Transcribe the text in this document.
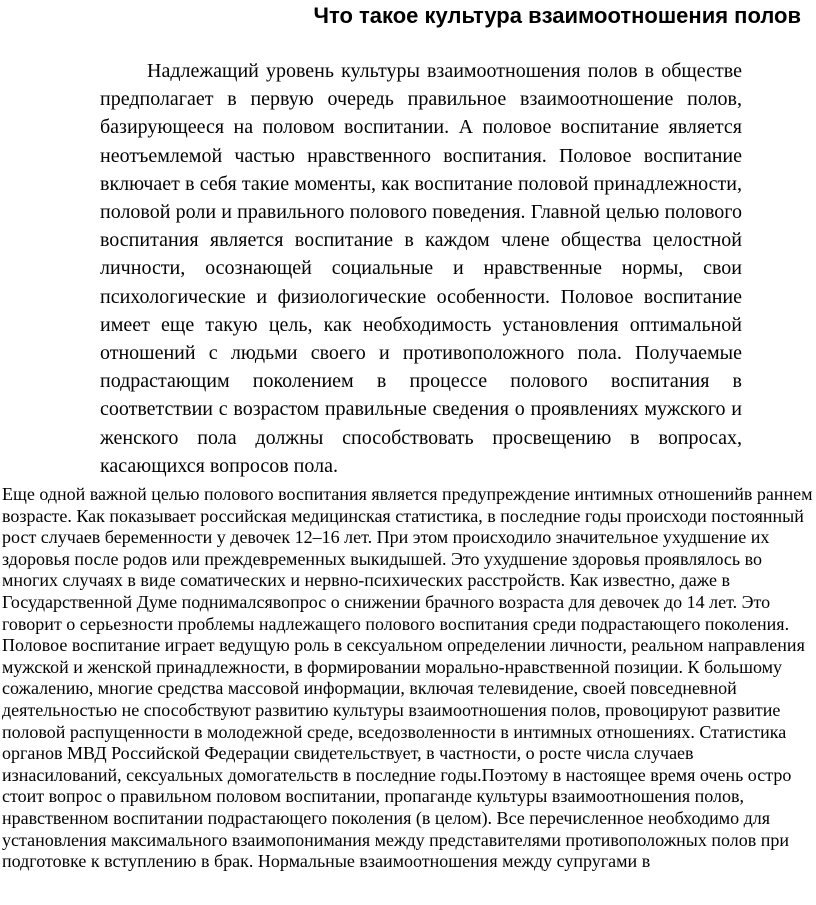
Что такое культура взаимоотношения полов

Надлежащий уровень культуры взаимоотношения полов в обществе предполагает в первую очередь правильное взаимоотношение полов, базирующееся на половом воспитании. А половое воспитание является неотъемлемой частью нравственного воспитания. Половое воспитание включает в себя такие моменты, как воспитание половой принадлежности, половой роли и правильного полового поведения. Главной целью полового воспитания является воспитание в каждом члене общества целостной личности, осознающей социальные и нравственные нормы, свои психологические и физиологические особенности. Половое воспитание имеет еще такую цель, как необходимость установления оптимальной отношений с людьми своего и противоположного пола. Получаемые подрастающим поколением в процессе полового воспитания в соответствии с возрастом правильные сведения о проявлениях мужского и женского пола должны способствовать просвещению в вопросах, касающихся вопросов пола.

Еще одной важной целью полового воспитания является предупреждение интимных отношенийв раннем возрасте. Как показывает российская медицинская статистика, в последние годы происходи постоянный рост случаев беременности у девочек 12–16 лет. При этом происходило значительное ухудшение их здоровья после родов или преждевременных выкидышей. Это ухудшение здоровья проявлялось во многих случаях в виде соматических и нервно-психических расстройств. Как известно, даже в Государственной Думе поднималсявопрос о снижении брачного возраста для девочек до 14 лет. Это говорит о серьезности проблемы надлежащего полового воспитания среди подрастающего поколения. Половое воспитание играет ведущую роль в сексуальном определении личности, реальном направления мужской и женской принадлежности, в формировании морально-нравственной позиции. К большому сожалению, многие средства массовой информации, включая телевидение, своей повседневной деятельностью не способствуют развитию культуры взаимоотношения полов, провоцируют развитие половой распущенности в молодежной среде, вседозволенности в интимных отношениях. Статистика органов МВД Российской Федерации свидетельствует, в частности, о росте числа случаев изнасилований, сексуальных домогательств в последние годы.Поэтому в настоящее время очень остро стоит вопрос о правильном половом воспитании, пропаганде культуры взаимоотношения полов, нравственном воспитании подрастающего поколения (в целом). Все перечисленное необходимо для установления максимального взаимопонимания между представителями противоположных полов при подготовке к вступлению в брак. Нормальные взаимоотношения между супругами в
